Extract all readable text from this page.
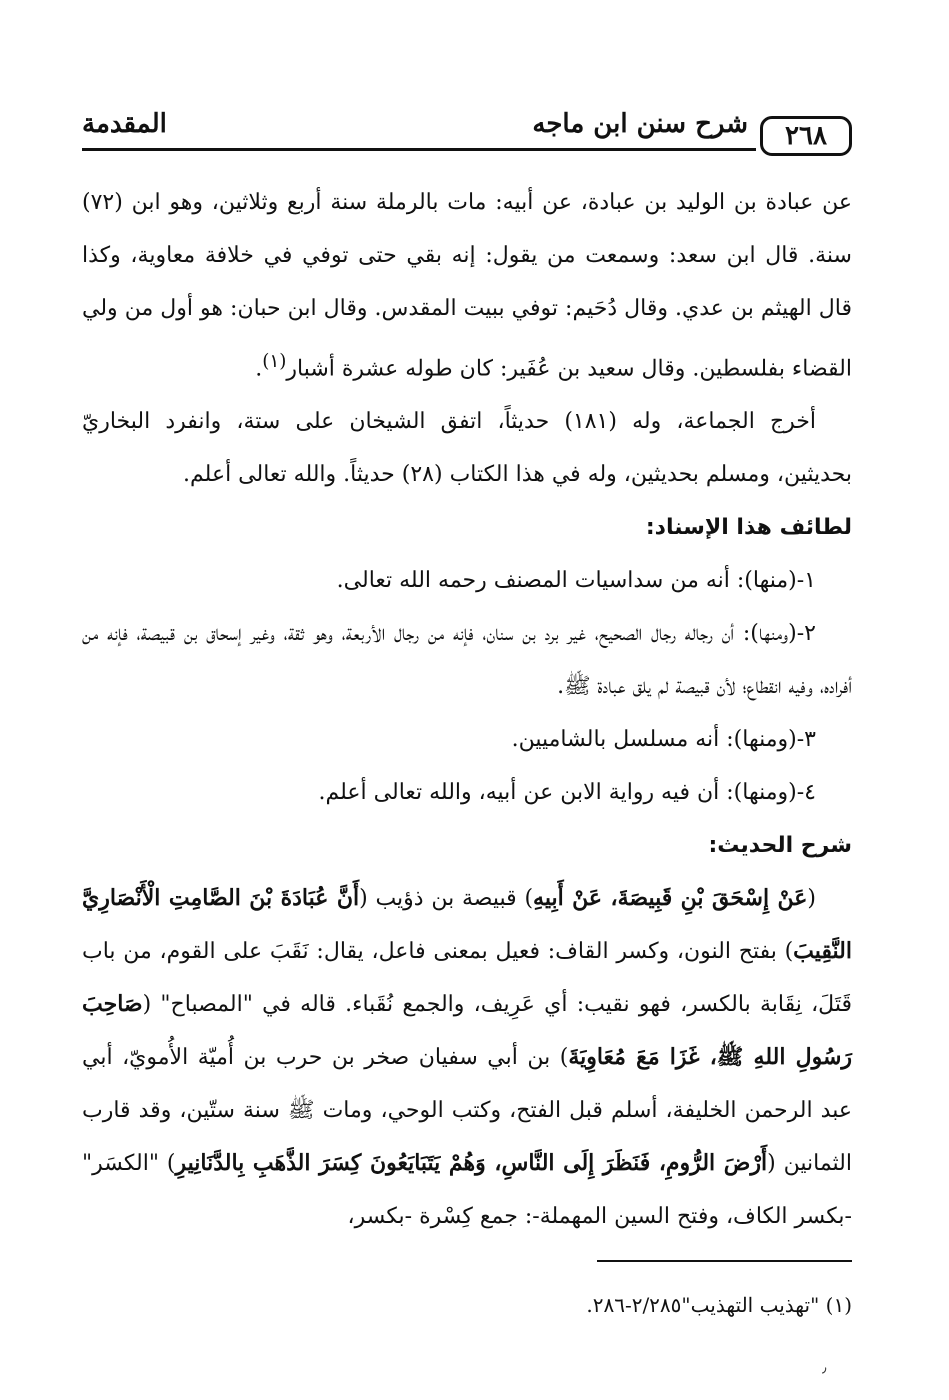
٢٦٨
شرح سنن ابن ماجه
المقدمة

عن عبادة بن الوليد بن عبادة، عن أبيه: مات بالرملة سنة أربع وثلاثين، وهو ابن (٧٢) سنة. قال ابن سعد: وسمعت من يقول: إنه بقي حتى توفي في خلافة معاوية، وكذا قال الهيثم بن عدي. وقال دُحَيم: توفي ببيت المقدس. وقال ابن حبان: هو أول من ولي القضاء بفلسطين. وقال سعيد بن عُفَير: كان طوله عشرة أشبار$^{(١)}$.

أخرج الجماعة، وله (١٨١) حديثاً، اتفق الشيخان على ستة، وانفرد البخاريّ بحديثين، ومسلم بحديثين، وله في هذا الكتاب (٢٨) حديثاً. والله تعالى أعلم.

لطائف هذا الإسناد:

١-(منها): أنه من سداسيات المصنف رحمه الله تعالى.

٢-(ومنها): أن رجاله رجال الصحيح، غير برد بن سنان، فإنه من رجال الأربعة، وهو ثقة، وغير إسحاق بن قبيصة، فإنه من أفراده، وفيه انقطاع؛ لأن قبيصة لم يلق عبادة ﷺ.

٣-(ومنها): أنه مسلسل بالشاميين.

٤-(ومنها): أن فيه رواية الابن عن أبيه، والله تعالى أعلم.

شرح الحديث:

(عَنْ إِسْحَقَ بْنِ قَبِيصَةَ، عَنْ أَبِيهِ) قبيصة بن ذؤيب (أَنَّ عُبَادَةَ بْنَ الصَّامِتِ الْأَنْصَارِيَّ النَّقِيبَ) بفتح النون، وكسر القاف: فعيل بمعنى فاعل، يقال: نَقَبَ على القوم، من باب قَتَلَ، نِقَابة بالكسر، فهو نقيب: أي عَرِيف، والجمع نُقَباء. قاله في "المصباح" (صَاحِبَ رَسُولِ اللهِ ﷺ، غَزَا مَعَ مُعَاوِيَةَ) بن أبي سفيان صخر بن حرب بن أُميّة الأُمويّ، أبي عبد الرحمن الخليفة، أسلم قبل الفتح، وكتب الوحي، ومات ﷺ سنة ستّين، وقد قارب الثمانين (أَرْضَ الرُّومِ، فَنَظَرَ إِلَى النَّاسِ، وَهُمْ يَتَبَايَعُونَ كِسَرَ الذَّهَبِ بِالدَّنَانِيرِ) "الكسَر" -بكسر الكاف، وفتح السين المهملة-: جمع كِسْرة -بكسر،

(١) "تهذيب التهذيب"٢/٢٨٥-٢٨٦.
٫
